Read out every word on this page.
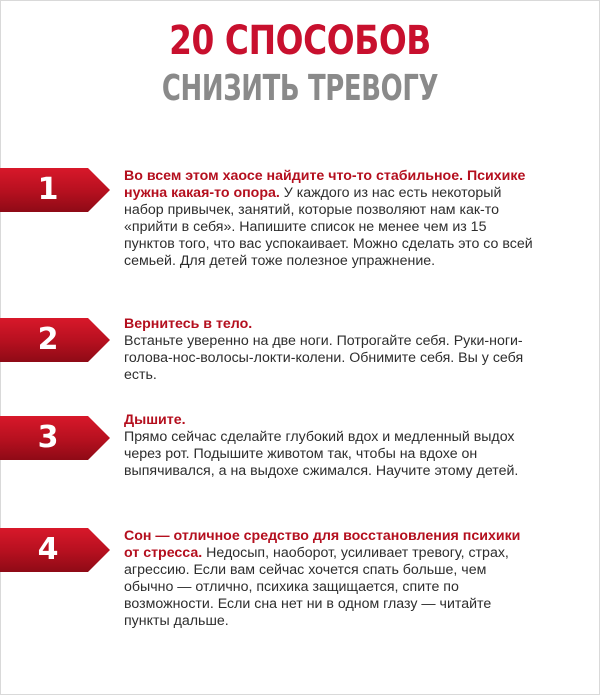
20 СПОСОБОВ
СНИЗИТЬ ТРЕВОГУ
1	Во всем этом хаосе найдите что-то стабильное. Психике нужна какая-то опора. У каждого из нас есть некоторый набор привычек, занятий, которые позволяют нам как-то «прийти в себя». Напишите список не менее чем из 15 пунктов того, что вас успокаивает. Можно сделать это со всей семьей. Для детей тоже полезное упражнение.
2	Вернитесь в тело.
Встаньте уверенно на две ноги. Потрогайте себя. Руки-ноги-голова-нос-волосы-локти-колени. Обнимите себя. Вы у себя есть.
3	Дышите.
Прямо сейчас сделайте глубокий вдох и медленный выдох через рот. Подышите животом так, чтобы на вдохе он выпячивался, а на выдохе сжимался. Научите этому детей.
4	Сон — отличное средство для восстановления психики от стресса. Недосып, наоборот, усиливает тревогу, страх, агрессию. Если вам сейчас хочется спать больше, чем обычно — отлично, психика защищается, спите по возможности. Если сна нет ни в одном глазу — читайте пункты дальше.
